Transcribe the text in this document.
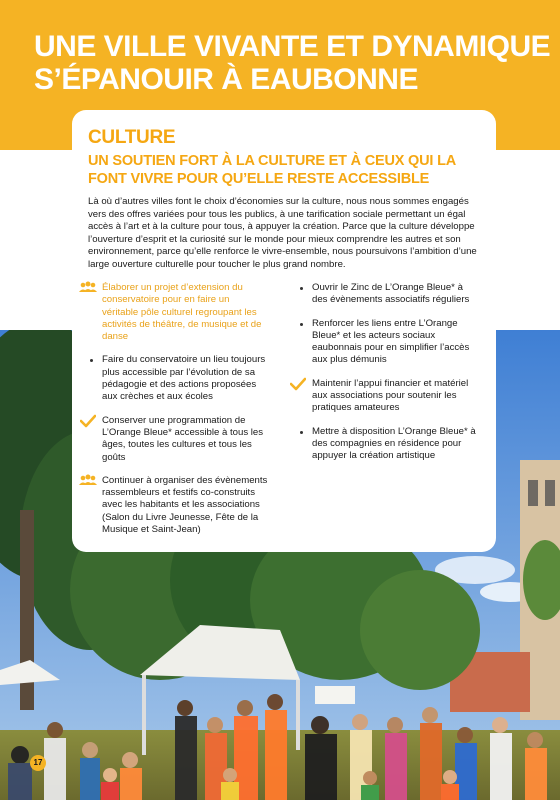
UNE VILLE VIVANTE ET DYNAMIQUE
S’ÉPANOUIR À EAUBONNE
CULTURE
UN SOUTIEN FORT À LA CULTURE ET À CEUX QUI LA FONT VIVRE POUR QU’ELLE RESTE ACCESSIBLE

Là où d’autres villes font le choix d’économies sur la culture, nous nous sommes engagés vers des offres variées pour tous les publics, à une tarification sociale permettant un égal accès à l’art et à la culture pour tous, à appuyer la création. Parce que la culture développe l’ouverture d’esprit et la curiosité sur le monde pour mieux comprendre les autres et son environnement, parce qu’elle renforce le vivre-ensemble, nous poursuivons l’ambition d’une large ouverture culturelle pour toucher le plus grand nombre.

Élaborer un projet d’extension du conservatoire pour en faire un véritable pôle culturel regroupant les activités de théâtre, de musique et de danse

Faire du conservatoire un lieu toujours plus accessible par l’évolution de sa pédagogie et des actions proposées aux crèches et aux écoles

Conserver une programmation de L’Orange Bleue* accessible à tous les âges, toutes les cultures et tous les goûts

Continuer à organiser des évènements rassembleurs et festifs co-construits avec les habitants et les associations (Salon du Livre Jeunesse, Fête de la Musique et Saint-Jean)

Ouvrir le Zinc de L’Orange Bleue* à des évènements associatifs réguliers

Renforcer les liens entre L’Orange Bleue* et les acteurs sociaux eaubonnais pour en simplifier l’accès aux plus démunis

Maintenir l’appui financier et matériel aux associations pour soutenir les pratiques amateures

Mettre à disposition L’Orange Bleue* à des compagnies en résidence pour appuyer la création artistique

17
